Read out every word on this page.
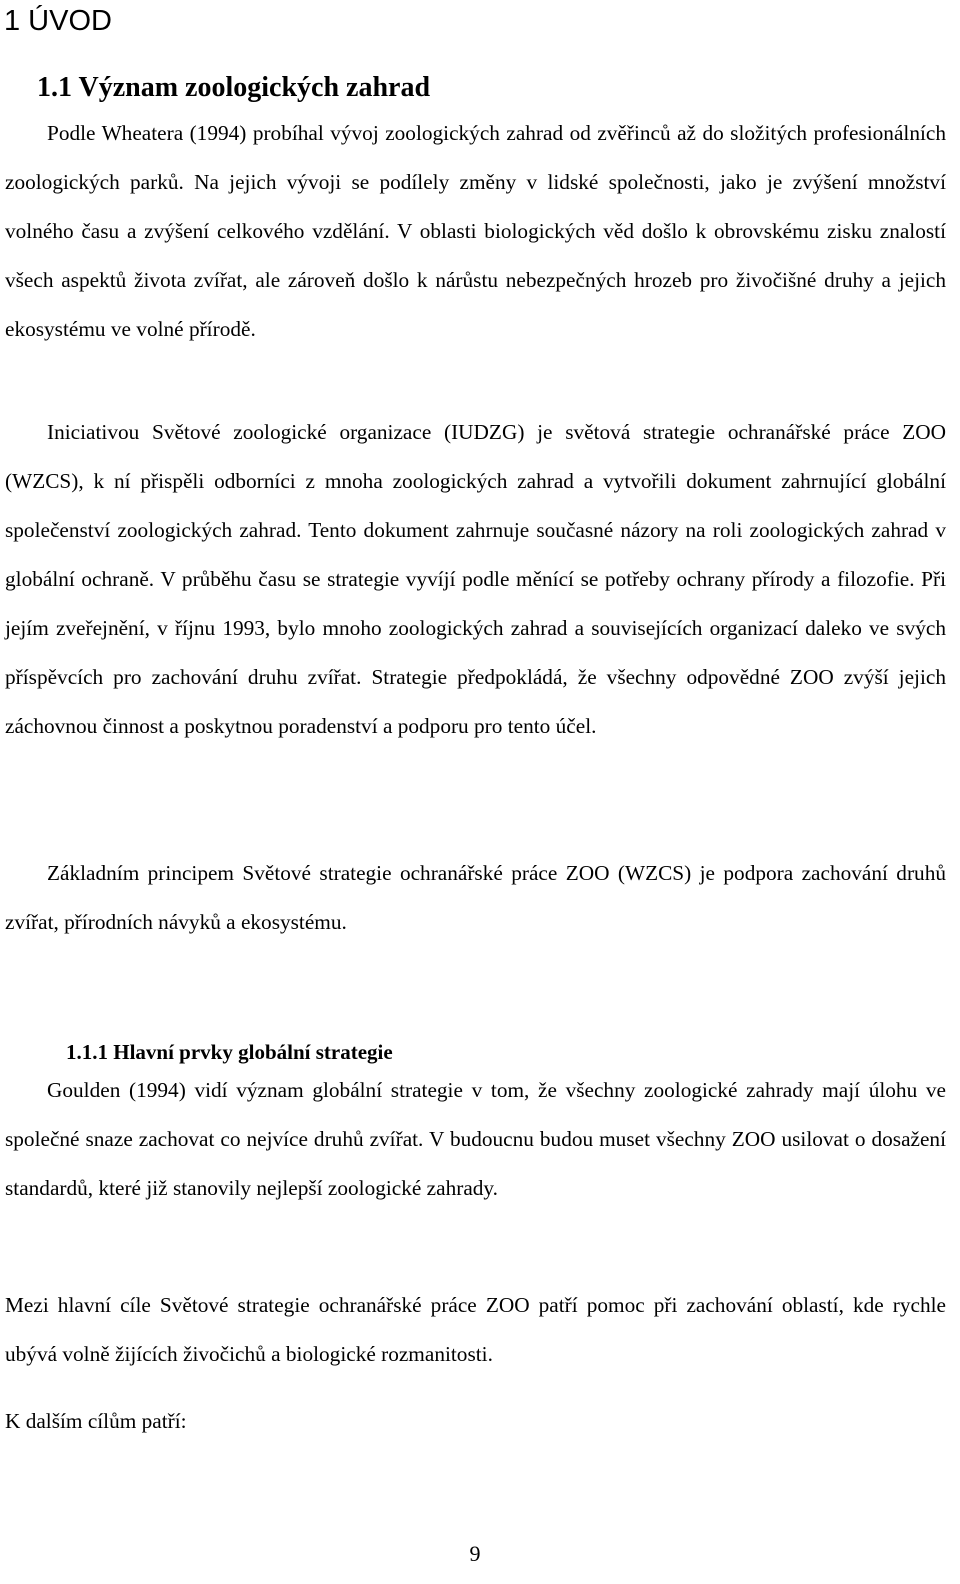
1 ÚVOD
1.1 Význam zoologických zahrad

Podle Wheatera (1994) probíhal vývoj zoologických zahrad od zvěřinců až do složitých profesionálních zoologických parků. Na jejich vývoji se podílely změny v lidské společnosti, jako je zvýšení množství volného času a zvýšení celkového vzdělání. V oblasti biologických věd došlo k obrovskému zisku znalostí všech aspektů života zvířat, ale zároveň došlo k nárůstu nebezpečných hrozeb pro živočišné druhy a jejich ekosystému ve volné přírodě.

Iniciativou Světové zoologické organizace (IUDZG) je světová strategie ochranářské práce ZOO (WZCS), k ní přispěli odborníci z mnoha zoologických zahrad a vytvořili dokument zahrnující globální společenství zoologických zahrad. Tento dokument zahrnuje současné názory na roli zoologických zahrad v globální ochraně. V průběhu času se strategie vyvíjí podle měnící se potřeby ochrany přírody a filozofie. Při jejím zveřejnění, v říjnu 1993, bylo mnoho zoologických zahrad a souvisejících organizací daleko ve svých příspěvcích pro zachování druhu zvířat. Strategie předpokládá, že všechny odpovědné ZOO zvýší jejich záchovnou činnost a poskytnou poradenství a podporu pro tento účel.

Základním principem Světové strategie ochranářské práce ZOO (WZCS) je podpora zachování druhů zvířat, přírodních návyků a ekosystému.

1.1.1 Hlavní prvky globální strategie

Goulden (1994) vidí význam globální strategie v tom, že všechny zoologické zahrady mají úlohu ve společné snaze zachovat co nejvíce druhů zvířat. V budoucnu budou muset všechny ZOO usilovat o dosažení standardů, které již stanovily nejlepší zoologické zahrady.

Mezi hlavní cíle Světové strategie ochranářské práce ZOO patří pomoc při zachování oblastí, kde rychle ubývá volně žijících živočichů a biologické rozmanitosti.

K dalším cílům patří:

9
